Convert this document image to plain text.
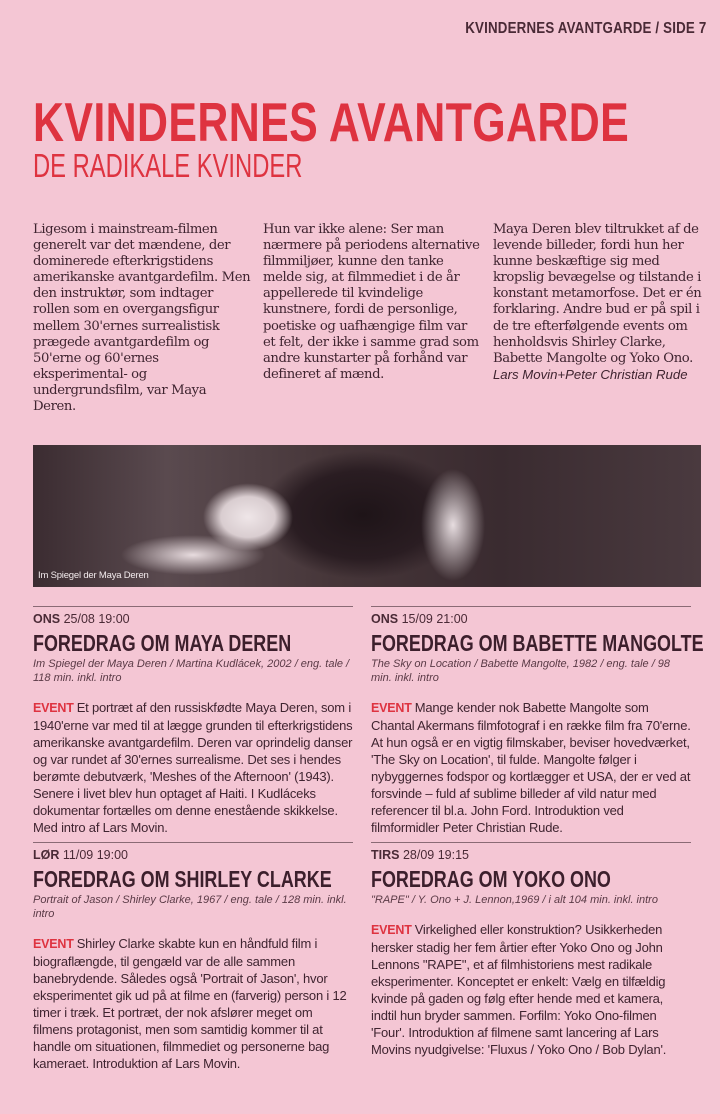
KVINDERNES AVANTGARDE / SIDE 7
KVINDERNES AVANTGARDE
DE RADIKALE KVINDER
Ligesom i mainstream-filmen generelt var det mændene, der dominerede efterkrigstidens amerikanske avantgardefilm. Men den instruktør, som indtager rollen som en overgangsfigur mellem 30'ernes surrealistisk prægede avantgardefilm og 50'erne og 60'ernes eksperimental- og undergrundsfilm, var Maya Deren.
Hun var ikke alene: Ser man nærmere på periodens alternative filmmiljøer, kunne den tanke melde sig, at filmmediet i de år appellerede til kvindelige kunstnere, fordi de personlige, poetiske og uafhængige film var et felt, der ikke i samme grad som andre kunstarter på forhånd var defineret af mænd.
Maya Deren blev tiltrukket af de levende billeder, fordi hun her kunne beskæftige sig med kropslig bevægelse og tilstande i konstant metamorfose. Det er én forklaring. Andre bud er på spil i de tre efterfølgende events om henholdsvis Shirley Clarke, Babette Mangolte og Yoko Ono. Lars Movin+Peter Christian Rude
Im Spiegel der Maya Deren
ONS 25/08 19:00
FOREDRAG OM MAYA DEREN
Im Spiegel der Maya Deren / Martina Kudlácek, 2002 / eng. tale / 118 min. inkl. intro
EVENT Et portræt af den russiskfødte Maya Deren, som i 1940'erne var med til at lægge grunden til efterkrigstidens amerikanske avantgardefilm. Deren var oprindelig danser og var rundet af 30'ernes surrealisme. Det ses i hendes berømte debutværk, 'Meshes of the Afternoon' (1943). Senere i livet blev hun optaget af Haiti. I Kudláceks dokumentar fortælles om denne enestående skikkelse. Med intro af Lars Movin.
ONS 15/09 21:00
FOREDRAG OM BABETTE MANGOLTE
The Sky on Location / Babette Mangolte, 1982 / eng. tale / 98 min. inkl. intro
EVENT Mange kender nok Babette Mangolte som Chantal Akermans filmfotograf i en række film fra 70'erne. At hun også er en vigtig filmskaber, beviser hovedværket, 'The Sky on Location', til fulde. Mangolte følger i nybyggernes fodspor og kortlægger et USA, der er ved at forsvinde – fuld af sublime billeder af vild natur med referencer til bl.a. John Ford. Introduktion ved filmformidler Peter Christian Rude.
LØR 11/09 19:00
FOREDRAG OM SHIRLEY CLARKE
Portrait of Jason / Shirley Clarke, 1967 / eng. tale / 128 min. inkl. intro
EVENT Shirley Clarke skabte kun en håndfuld film i biograflængde, til gengæld var de alle sammen banebrydende. Således også 'Portrait of Jason', hvor eksperimentet gik ud på at filme en (farverig) person i 12 timer i træk. Et portræt, der nok afslører meget om filmens protagonist, men som samtidig kommer til at handle om situationen, filmmediet og personerne bag kameraet. Introduktion af Lars Movin.
TIRS 28/09 19:15
FOREDRAG OM YOKO ONO
"RAPE" / Y. Ono + J. Lennon,1969 / i alt 104 min. inkl. intro
EVENT Virkelighed eller konstruktion? Usikkerheden hersker stadig her fem årtier efter Yoko Ono og John Lennons "RAPE", et af filmhistoriens mest radikale eksperimenter. Konceptet er enkelt: Vælg en tilfældig kvinde på gaden og følg efter hende med et kamera, indtil hun bryder sammen. Forfilm: Yoko Ono-filmen 'Four'. Introduktion af filmene samt lancering af Lars Movins nyudgivelse: 'Fluxus / Yoko Ono / Bob Dylan'.
